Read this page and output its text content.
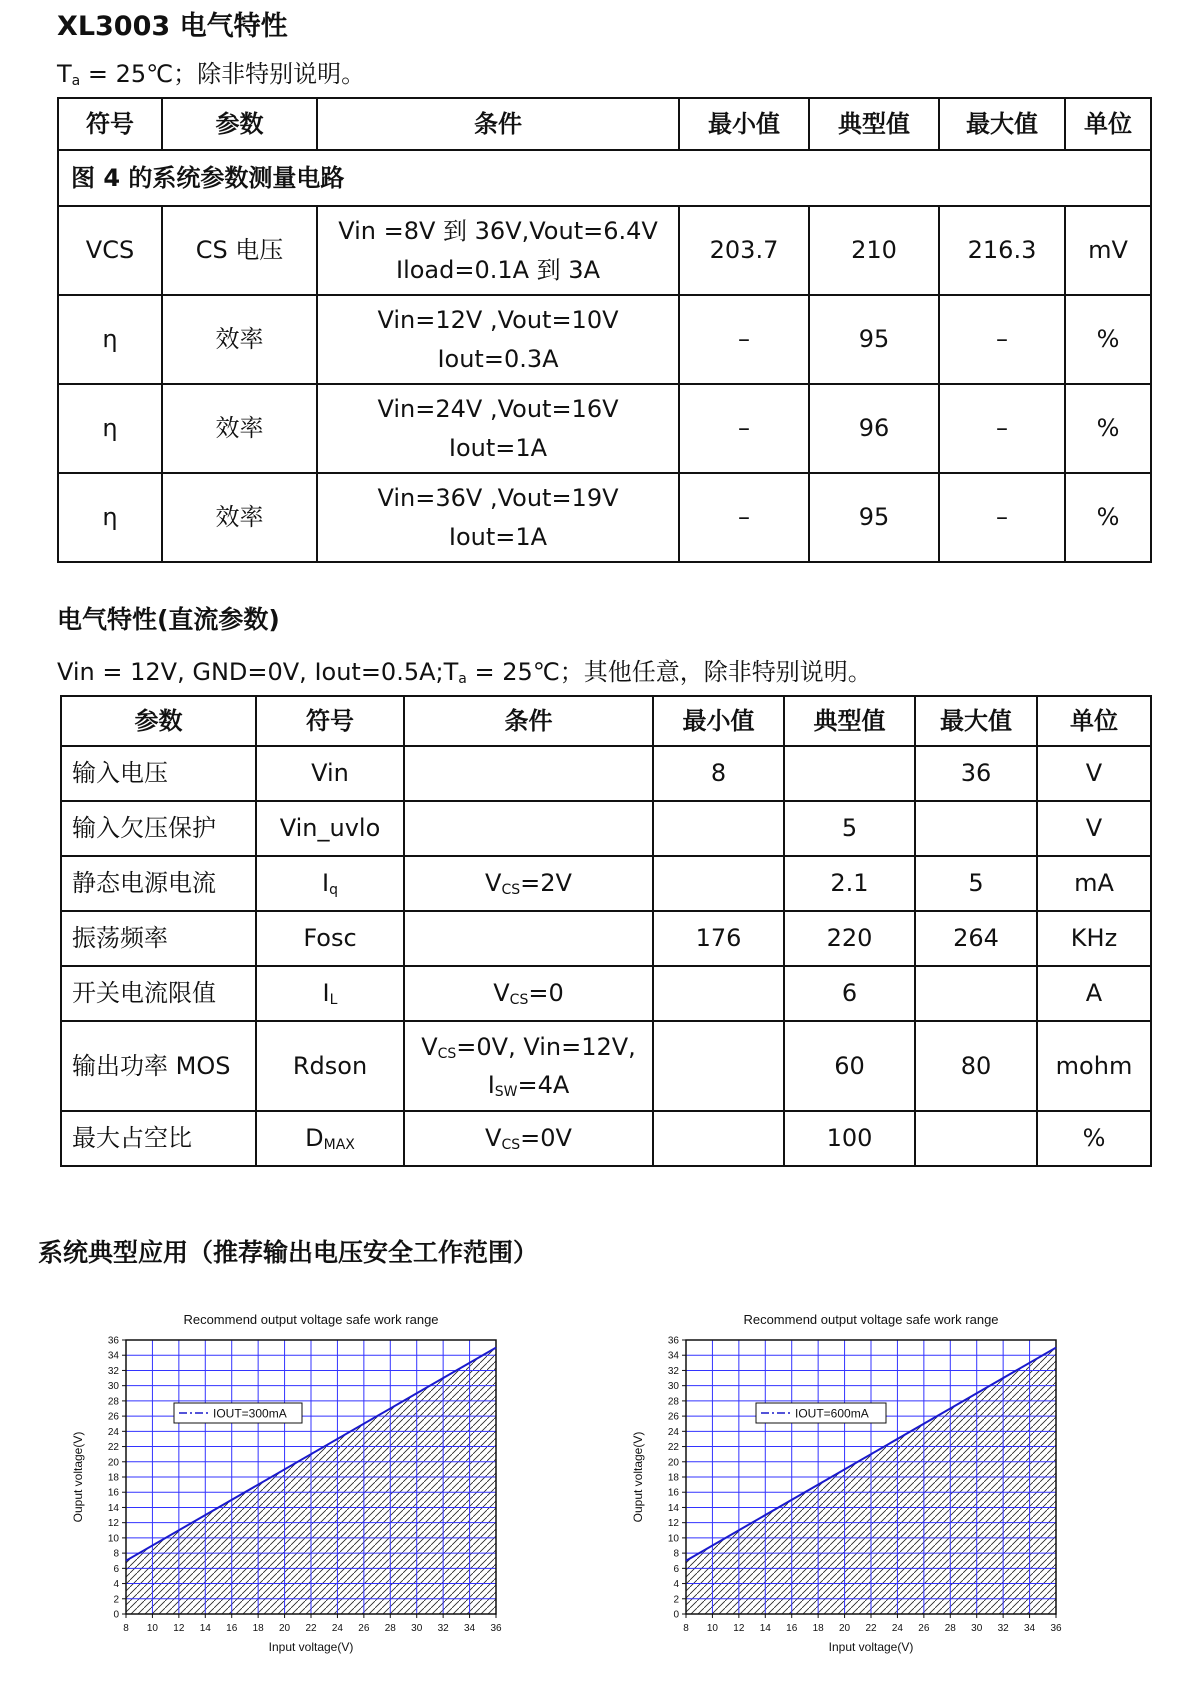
XL3003 电气特性
Ta = 25℃；除非特别说明。
符号	参数	条件	最小值	典型值	最大值	单位
图 4 的系统参数测量电路						
VCS	CS 电压	Vin =8V 到 36V,Vout=6.4V
Iload=0.1A 到 3A	203.7	210	216.3	mV
η	效率	Vin=12V ,Vout=10V
Iout=0.3A	–	95	–	%
η	效率	Vin=24V ,Vout=16V
Iout=1A	–	96	–	%
η	效率	Vin=36V ,Vout=19V
Iout=1A	–	95	–	%
电气特性(直流参数)
Vin = 12V, GND=0V, Iout=0.5A;Ta = 25℃；其他任意，除非特别说明。
参数	符号	条件	最小值	典型值	最大值	单位
输入电压	Vin		8		36	V
输入欠压保护	Vin_uvlo			5		V
静态电源电流	Iq	VCS=2V		2.1	5	mA
振荡频率	Fosc		176	220	264	KHz
开关电流限值	IL	VCS=0		6		A
输出功率 MOS	Rdson	VCS=0V, Vin=12V,
ISW=4A		60	80	mohm
最大占空比	DMAX	VCS=0V		100		%
系统典型应用（推荐输出电压安全工作范围）
Recommend output voltage safe work range
8 10 12 14 16 18 20 22 24 26 28 30 32 34 36
0
2
4
6
8
10
12
14
16
18
20
22
24
26
28
30
32
34
36
Input voltage(V)
Ouput voltage(V)
IOUT=300mA
Recommend output voltage safe work range
8 10 12 14 16 18 20 22 24 26 28 30 32 34 36
0
2
4
6
8
10
12
14
16
18
20
22
24
26
28
30
32
34
36
Input voltage(V)
Ouput voltage(V)
IOUT=600mA
